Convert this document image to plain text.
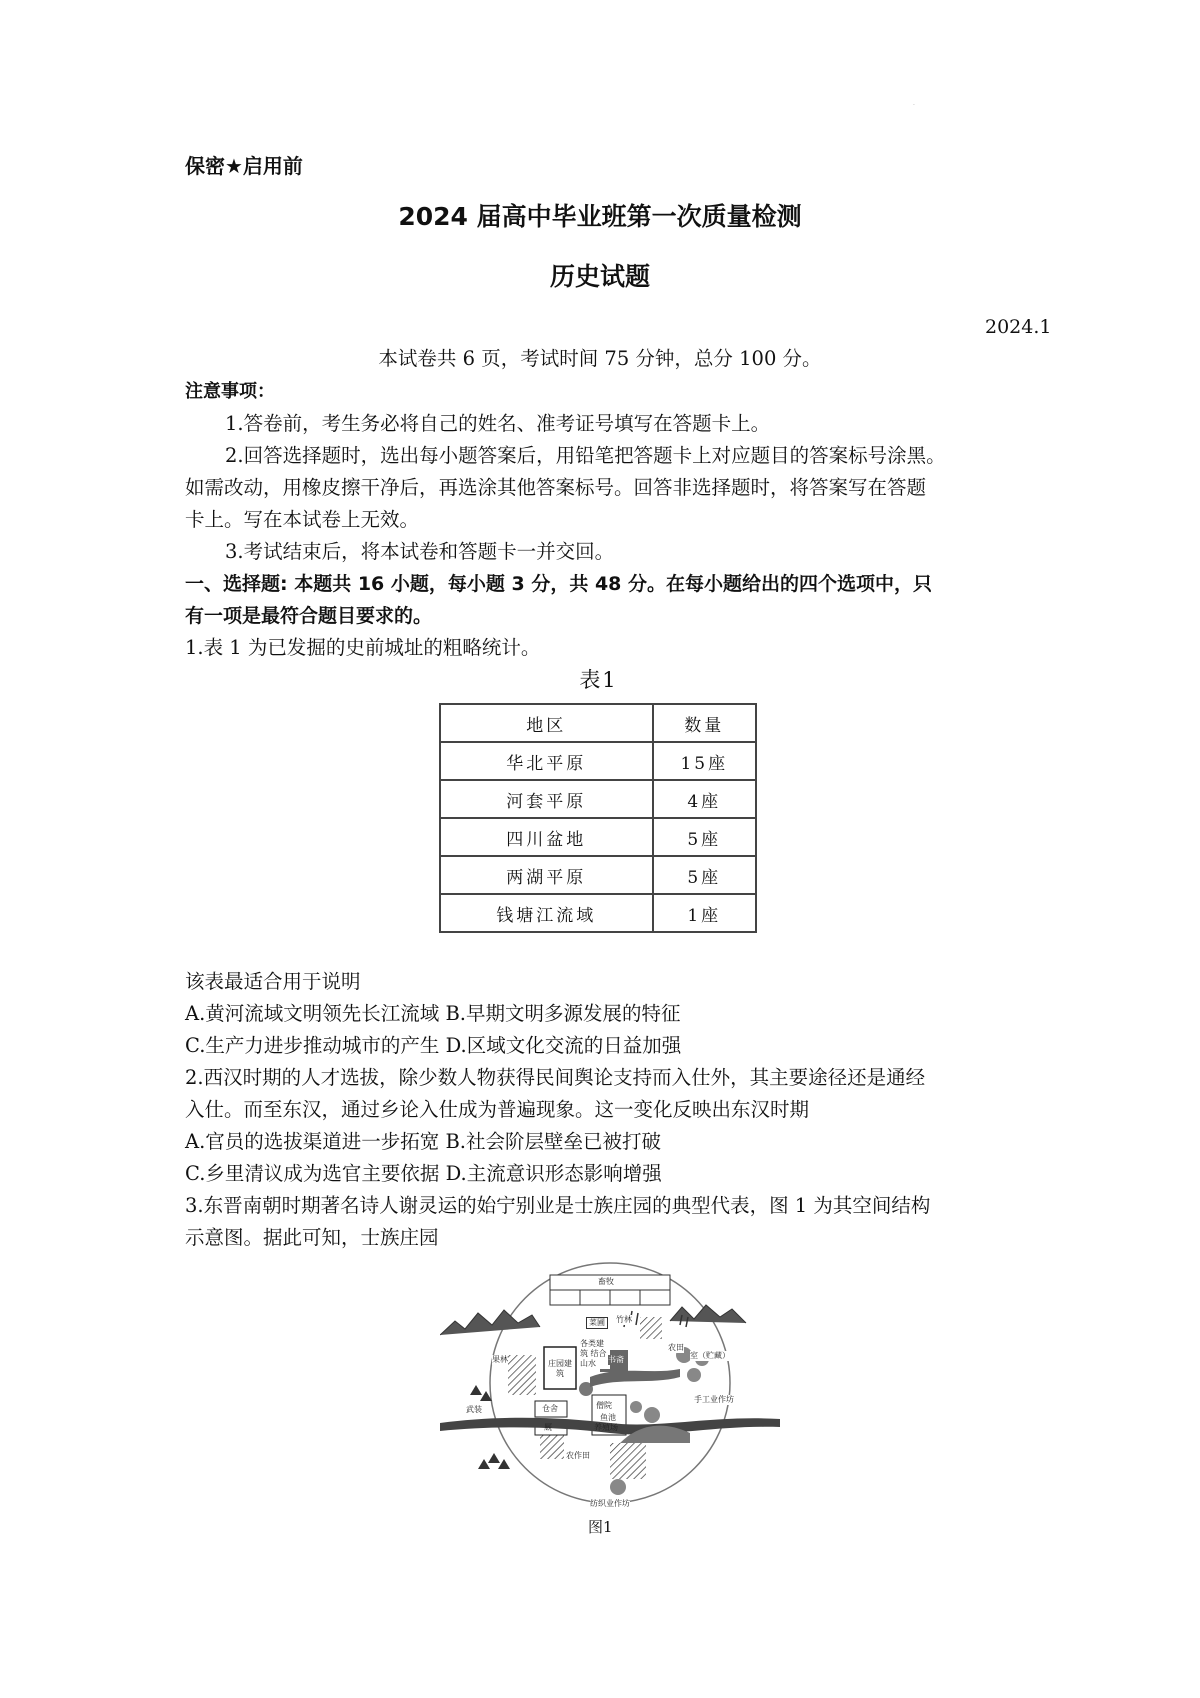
·
保密★启用前
2024 届高中毕业班第一次质量检测
历史试题
2024.1
本试卷共 6 页，考试时间 75 分钟，总分 100 分。
注意事项：
1.答卷前，考生务必将自己的姓名、准考证号填写在答题卡上。
2.回答选择题时，选出每小题答案后，用铅笔把答题卡上对应题目的答案标号涂黑。
如需改动，用橡皮擦干净后，再选涂其他答案标号。回答非选择题时，将答案写在答题
卡上。写在本试卷上无效。
3.考试结束后，将本试卷和答题卡一并交回。
一、选择题: 本题共 16 小题，每小题 3 分，共 48 分。在每小题给出的四个选项中，只
有一项是最符合题目要求的。
1.表 1 为已发掘的史前城址的粗略统计。
表1
地区	数量
华北平原	15座
河套平原	4座
四川盆地	5座
两湖平原	5座
钱塘江流域	1座
该表最适合用于说明
A.黄河流域文明领先长江流域 B.早期文明多源发展的特征
C.生产力进步推动城市的产生 D.区域文化交流的日益加强
2.西汉时期的人才选拔，除少数人物获得民间舆论支持而入仕外，其主要途径还是通经
入仕。而至东汉，通过乡论入仕成为普遍现象。这一变化反映出东汉时期
A.官员的选拔渠道进一步拓宽 B.社会阶层壁垒已被打破
C.乡里清议成为选官主要依据 D.主流意识形态影响增强
3.东晋南朝时期著名诗人谢灵运的始宁别业是士族庄园的典型代表，图 1 为其空间结构
示意图。据此可知，士族庄园
畜牧
菜圃	竹林
果林	庄园建筑
各类建筑 结合山水	书斋
农田
室（贮藏）
手工业作坊
仓舍
厩
僧院
鱼池
养殖场
武装
农作田
纺织业作坊
图1
